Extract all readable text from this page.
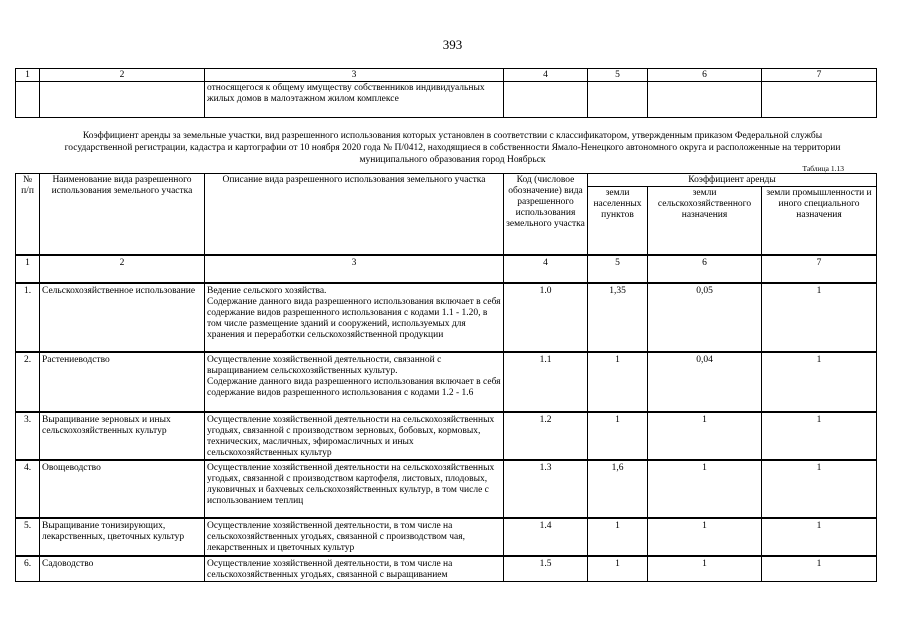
393
1	2	3	4	5	6	7
		относящегося к общему имуществу собственников индивидуальных жилых домов в малоэтажном жилом комплексе				
Коэффициент аренды за земельные участки, вид разрешенного использования которых установлен в соответствии с классификатором, утвержденным приказом Федеральной службы государственной регистрации, кадастра и картографии от 10 ноября 2020 года № П/0412, находящиеся в собственности Ямало-Ненецкого автономного округа и расположенные на территории муниципального образования город Ноябрьск
Таблица 1.13
№ п/п	Наименование вида разрешенного использования земельного участка	Описание вида разрешенного использования земельного участка	Код (числовое обозначение) вида разрешенного использования земельного участка	Коэффициент аренды		
				земли населенных пунктов	земли сельскохозяйственного назначения	земли промышленности и иного специального назначения
1	2	3	4	5	6	7
1.	Сельскохозяйственное использование	Ведение сельского хозяйства.
Содержание данного вида разрешенного использования включает в себя содержание видов разрешенного использования с кодами 1.1 - 1.20, в том числе размещение зданий и сооружений, используемых для хранения и переработки сельскохозяйственной продукции	1.0	1,35	0,05	1
2.	Растениеводство	Осуществление хозяйственной деятельности, связанной с выращиванием сельскохозяйственных культур.
Содержание данного вида разрешенного использования включает в себя содержание видов разрешенного использования с кодами 1.2 - 1.6	1.1	1	0,04	1
3.	Выращивание зерновых и иных сельскохозяйственных культур	Осуществление хозяйственной деятельности на сельскохозяйственных угодьях, связанной с производством зерновых, бобовых, кормовых, технических, масличных, эфиромасличных и иных сельскохозяйственных культур	1.2	1	1	1
4.	Овощеводство	Осуществление хозяйственной деятельности на сельскохозяйственных угодьях, связанной с производством картофеля, листовых, плодовых, луковичных и бахчевых сельскохозяйственных культур, в том числе с использованием теплиц	1.3	1,6	1	1
5.	Выращивание тонизирующих, лекарственных, цветочных культур	Осуществление хозяйственной деятельности, в том числе на сельскохозяйственных угодьях, связанной с производством чая, лекарственных и цветочных культур	1.4	1	1	1
6.	Садоводство	Осуществление хозяйственной деятельности, в том числе на сельскохозяйственных угодьях, связанной с выращиванием	1.5	1	1	1
